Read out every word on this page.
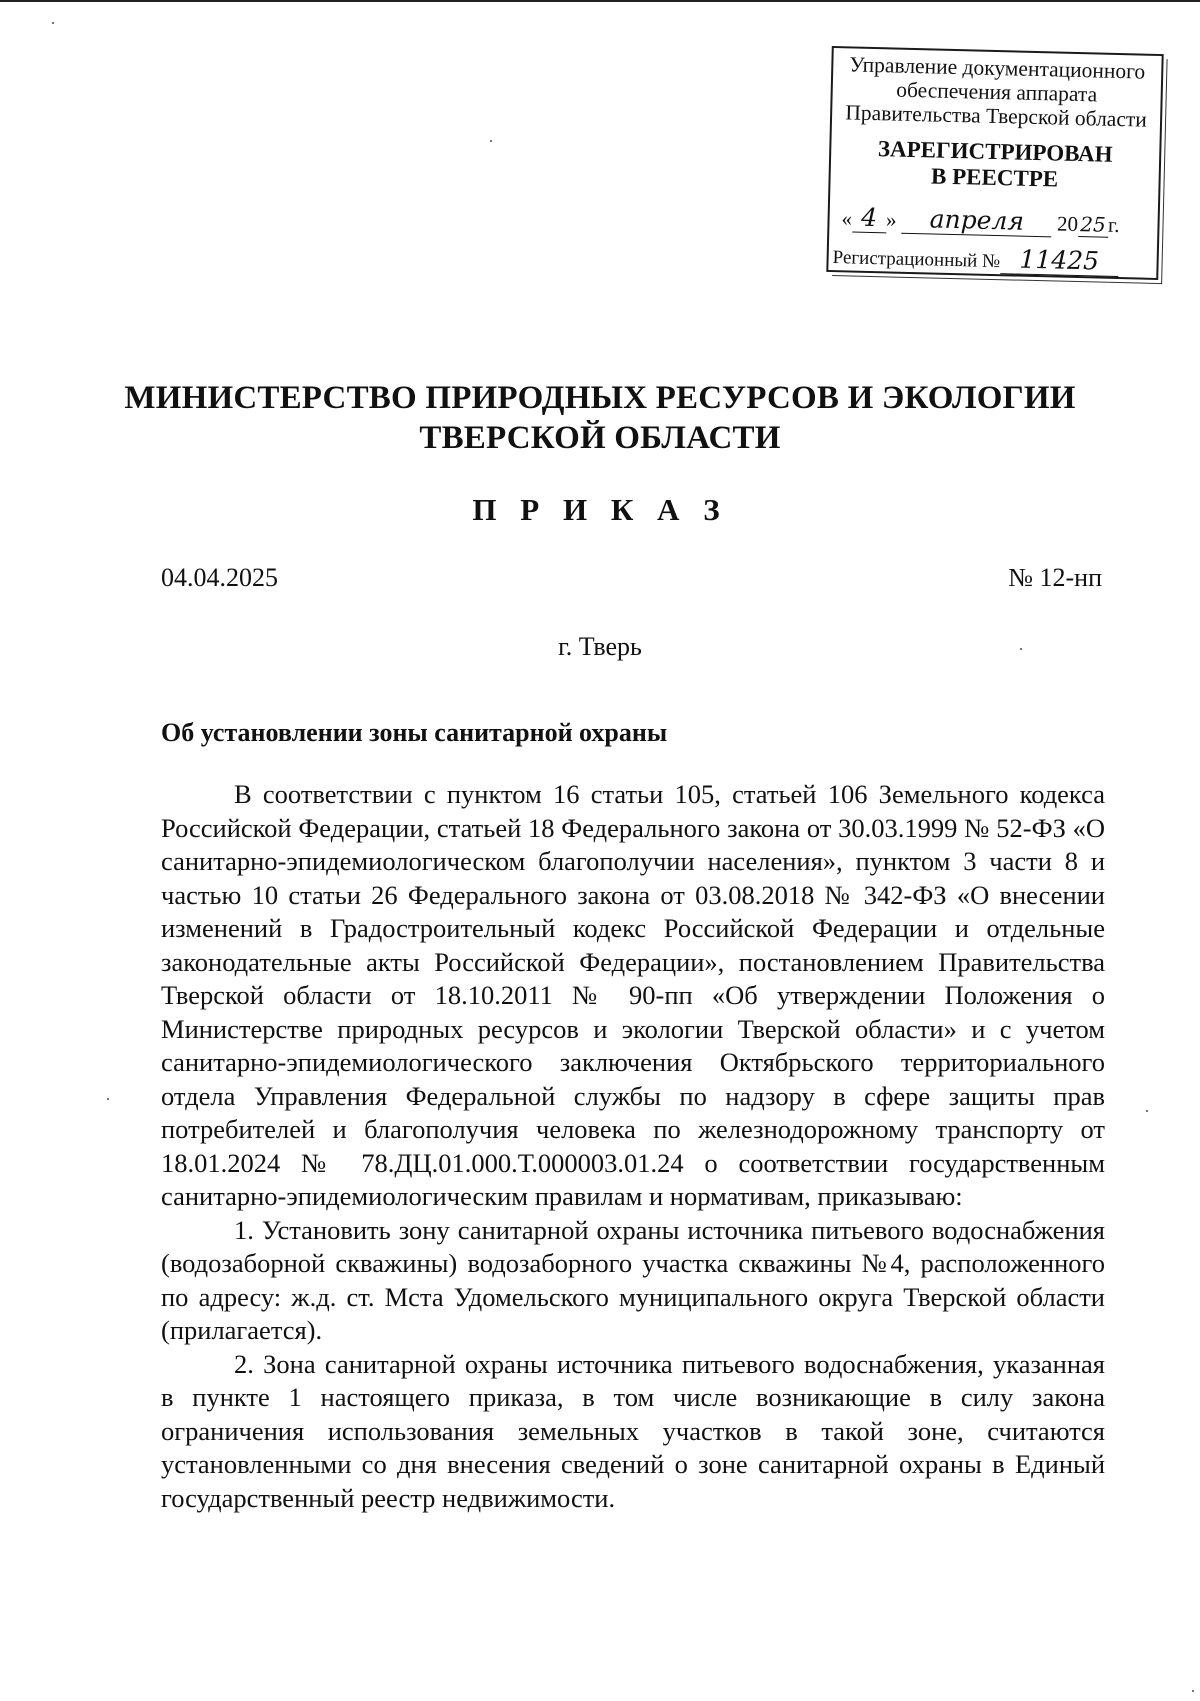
Управление документационного
обеспечения аппарата
Правительства Тверской области
ЗАРЕГИСТРИРОВАН
В РЕЕСТРЕ
« 4 » апреля 2025г.
Регистрационный № 11425
МИНИСТЕРСТВО ПРИРОДНЫХ РЕСУРСОВ И ЭКОЛОГИИ
ТВЕРСКОЙ ОБЛАСТИ
П Р И К А З
04.04.2025	№ 12-нп
г. Тверь
Об установлении зоны санитарной охраны

В соответствии с пунктом 16 статьи 105, статьей 106 Земельного кодекса Российской Федерации, статьей 18 Федерального закона от 30.03.1999 № 52-ФЗ «О санитарно-эпидемиологическом благополучии населения», пунктом 3 части 8 и частью 10 статьи 26 Федерального закона от 03.08.2018 № 342-ФЗ «О внесении изменений в Градостроительный кодекс Российской Федерации и отдельные законодательные акты Российской Федерации», постановлением Правительства Тверской области от 18.10.2011 № 90-пп «Об утверждении Положения о Министерстве природных ресурсов и экологии Тверской области» и с учетом санитарно-эпидемиологического заключения Октябрьского территориального отдела Управления Федеральной службы по надзору в сфере защиты прав потребителей и благополучия человека по железнодорожному транспорту от 18.01.2024 № 78.ДЦ.01.000.Т.000003.01.24 о соответствии государственным санитарно-эпидемиологическим правилам и нормативам, приказываю:

1. Установить зону санитарной охраны источника питьевого водоснабжения (водозаборной скважины) водозаборного участка скважины №4, расположенного по адресу: ж.д. ст. Мста Удомельского муниципального округа Тверской области (прилагается).

2. Зона санитарной охраны источника питьевого водоснабжения, указанная в пункте 1 настоящего приказа, в том числе возникающие в силу закона ограничения использования земельных участков в такой зоне, считаются установленными со дня внесения сведений о зоне санитарной охраны в Единый государственный реестр недвижимости.
